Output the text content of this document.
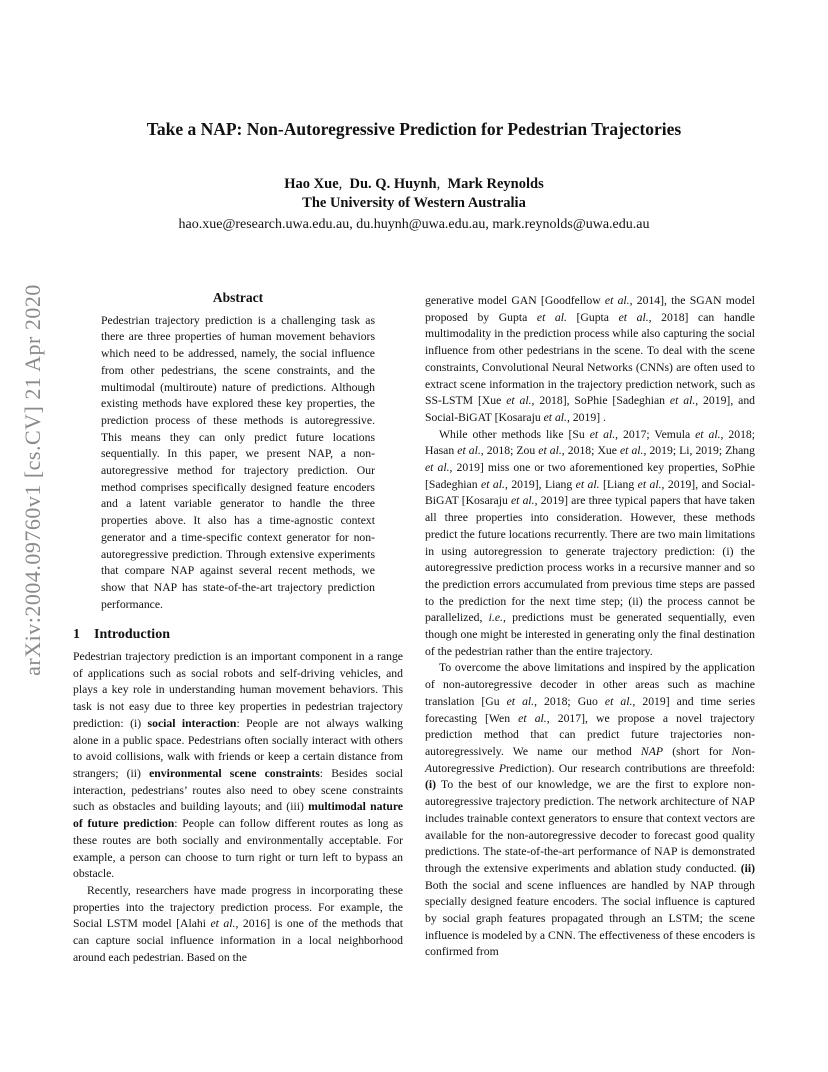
arXiv:2004.09760v1 [cs.CV] 21 Apr 2020
Take a NAP: Non-Autoregressive Prediction for Pedestrian Trajectories
Hao Xue, Du. Q. Huynh, Mark Reynolds
The University of Western Australia
hao.xue@research.uwa.edu.au, du.huynh@uwa.edu.au, mark.reynolds@uwa.edu.au
Abstract

Pedestrian trajectory prediction is a challenging task as there are three properties of human movement behaviors which need to be addressed, namely, the social influence from other pedestrians, the scene constraints, and the multimodal (multiroute) nature of predictions. Although existing methods have explored these key properties, the prediction process of these methods is autoregressive. This means they can only predict future locations sequentially. In this paper, we present NAP, a non-autoregressive method for trajectory prediction. Our method comprises specifically designed feature encoders and a latent variable generator to handle the three properties above. It also has a time-agnostic context generator and a time-specific context generator for non-autoregressive prediction. Through extensive experiments that compare NAP against several recent methods, we show that NAP has state-of-the-art trajectory prediction performance.

1 Introduction

Pedestrian trajectory prediction is an important component in a range of applications such as social robots and self-driving vehicles, and plays a key role in understanding human movement behaviors. This task is not easy due to three key properties in pedestrian trajectory prediction: (i) social interaction: People are not always walking alone in a public space. Pedestrians often socially interact with others to avoid collisions, walk with friends or keep a certain distance from strangers; (ii) environmental scene constraints: Besides social interaction, pedestrians’ routes also need to obey scene constraints such as obstacles and building layouts; and (iii) multimodal nature of future prediction: People can follow different routes as long as these routes are both socially and environmentally acceptable. For example, a person can choose to turn right or turn left to bypass an obstacle.

Recently, researchers have made progress in incorporating these properties into the trajectory prediction process. For example, the Social LSTM model [Alahi et al., 2016] is one of the methods that can capture social influence information in a local neighborhood around each pedestrian. Based on the

generative model GAN [Goodfellow et al., 2014], the SGAN model proposed by Gupta et al. [Gupta et al., 2018] can handle multimodality in the prediction process while also capturing the social influence from other pedestrians in the scene. To deal with the scene constraints, Convolutional Neural Networks (CNNs) are often used to extract scene information in the trajectory prediction network, such as SS-LSTM [Xue et al., 2018], SoPhie [Sadeghian et al., 2019], and Social-BiGAT [Kosaraju et al., 2019] .

While other methods like [Su et al., 2017; Vemula et al., 2018; Hasan et al., 2018; Zou et al., 2018; Xue et al., 2019; Li, 2019; Zhang et al., 2019] miss one or two aforementioned key properties, SoPhie [Sadeghian et al., 2019], Liang et al. [Liang et al., 2019], and Social-BiGAT [Kosaraju et al., 2019] are three typical papers that have taken all three properties into consideration. However, these methods predict the future locations recurrently. There are two main limitations in using autoregression to generate trajectory prediction: (i) the autoregressive prediction process works in a recursive manner and so the prediction errors accumulated from previous time steps are passed to the prediction for the next time step; (ii) the process cannot be parallelized, i.e., predictions must be generated sequentially, even though one might be interested in generating only the final destination of the pedestrian rather than the entire trajectory.

To overcome the above limitations and inspired by the application of non-autoregressive decoder in other areas such as machine translation [Gu et al., 2018; Guo et al., 2019] and time series forecasting [Wen et al., 2017], we propose a novel trajectory prediction method that can predict future trajectories non-autoregressively. We name our method NAP (short for Non-Autoregressive Prediction). Our research contributions are threefold: (i) To the best of our knowledge, we are the first to explore non-autoregressive trajectory prediction. The network architecture of NAP includes trainable context generators to ensure that context vectors are available for the non-autoregressive decoder to forecast good quality predictions. The state-of-the-art performance of NAP is demonstrated through the extensive experiments and ablation study conducted. (ii) Both the social and scene influences are handled by NAP through specially designed feature encoders. The social influence is captured by social graph features propagated through an LSTM; the scene influence is modeled by a CNN. The effectiveness of these encoders is confirmed from
